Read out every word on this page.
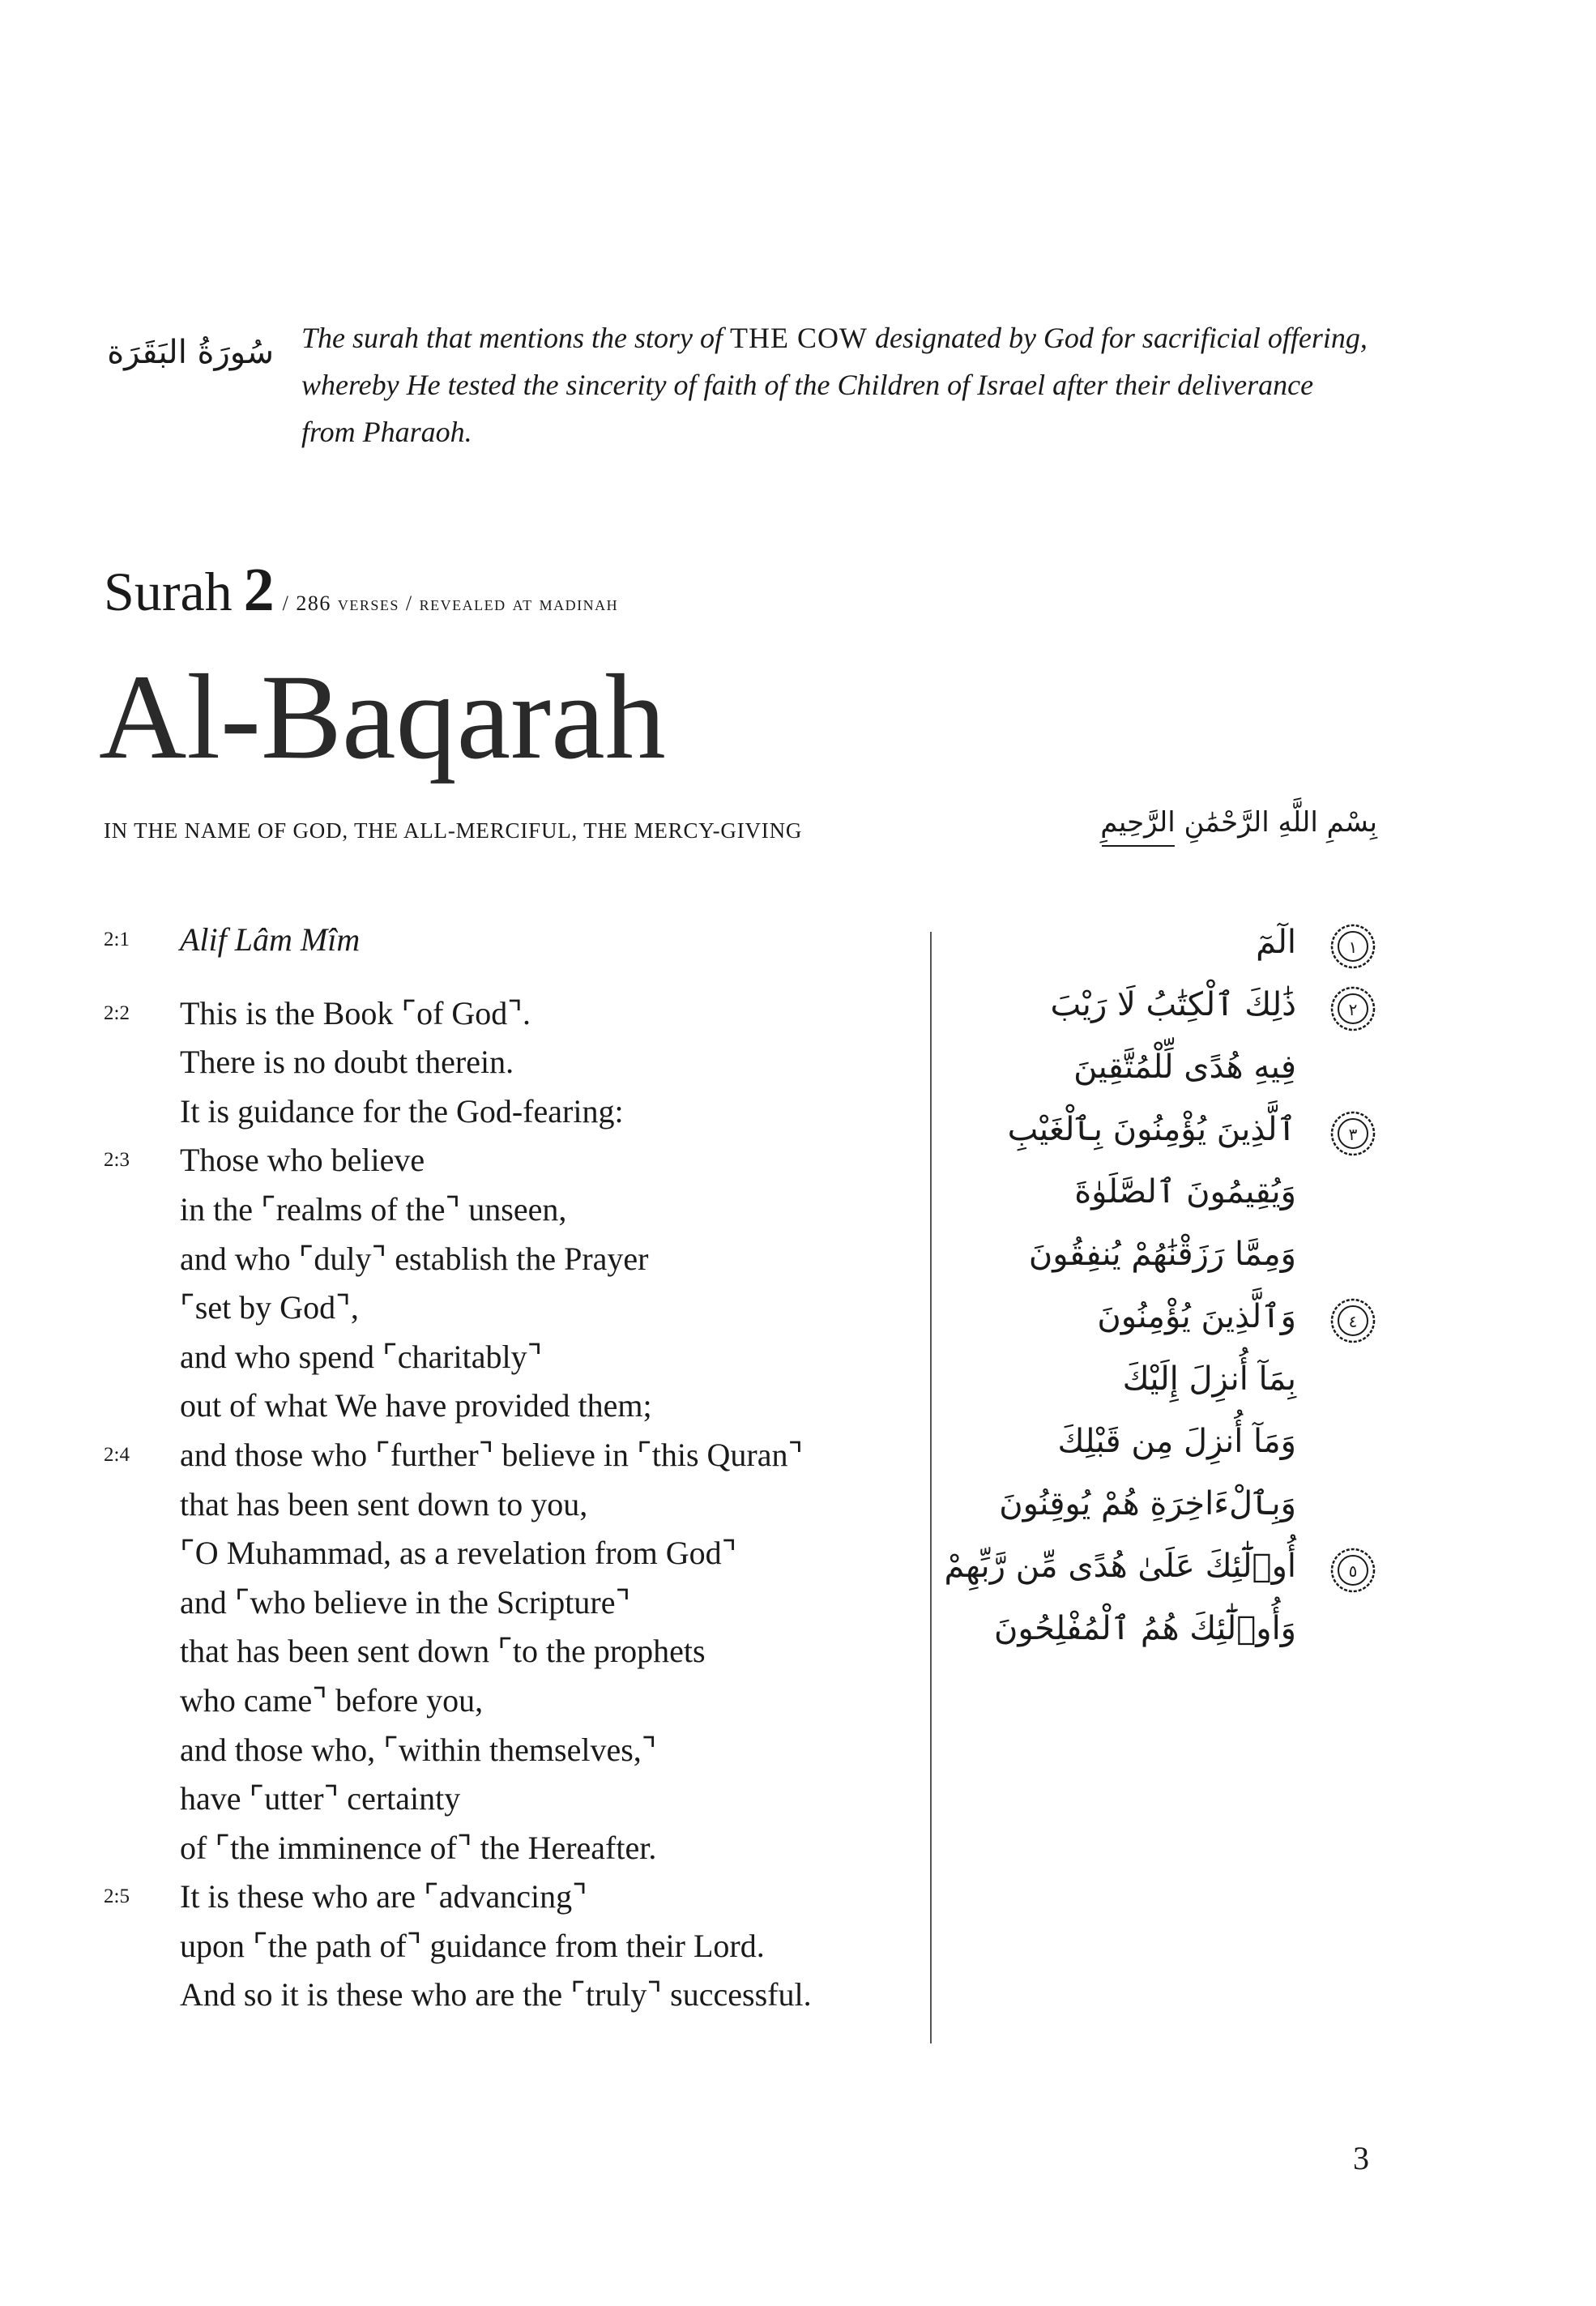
سُورَةُ البَقَرَة The surah that mentions the story of THE COW designated by God for sacrificial offering, whereby He tested the sincerity of faith of the Children of Israel after their deliverance from Pharaoh.
Surah 2 / 286 verses / revealed at madinah
Al-Baqarah
IN THE NAME OF GOD, THE ALL-MERCIFUL, THE MERCY-GIVING	بِسْمِ اللَّهِ الرَّحْمَٰنِ الرَّحِيمِ
2:1	Alif Lâm Mîm
2:2	This is the Book ⌜of God⌝.
There is no doubt therein.
It is guidance for the God-fearing:
2:3	Those who believe
in the ⌜realms of the⌝ unseen,
and who ⌜duly⌝ establish the Prayer
⌜set by God⌝,
and who spend ⌜charitably⌝
out of what We have provided them;
2:4	and those who ⌜further⌝ believe in ⌜this Quran⌝
that has been sent down to you,
⌜O Muhammad, as a revelation from God⌝
and ⌜who believe in the Scripture⌝
that has been sent down ⌜to the prophets
who came⌝ before you,
and those who, ⌜within themselves,⌝
have ⌜utter⌝ certainty
of ⌜the imminence of⌝ the Hereafter.
2:5	It is these who are ⌜advancing⌝
upon ⌜the path of⌝ guidance from their Lord.
And so it is these who are the ⌜truly⌝ successful.
الٓمٓ	١
ذَٰلِكَ ٱلْكِتَٰبُ لَا رَيْبَ	٢
فِيهِ هُدًى لِّلْمُتَّقِينَ
ٱلَّذِينَ يُؤْمِنُونَ بِٱلْغَيْبِ	٣
وَيُقِيمُونَ ٱلصَّلَوٰةَ
وَمِمَّا رَزَقْنَٰهُمْ يُنفِقُونَ
وَٱلَّذِينَ يُؤْمِنُونَ	٤
بِمَآ أُنزِلَ إِلَيْكَ
وَمَآ أُنزِلَ مِن قَبْلِكَ
وَبِٱلْءَاخِرَةِ هُمْ يُوقِنُونَ
أُو۟لَٰٓئِكَ عَلَىٰ هُدًى مِّن رَّبِّهِمْ	٥
وَأُو۟لَٰٓئِكَ هُمُ ٱلْمُفْلِحُونَ
3
